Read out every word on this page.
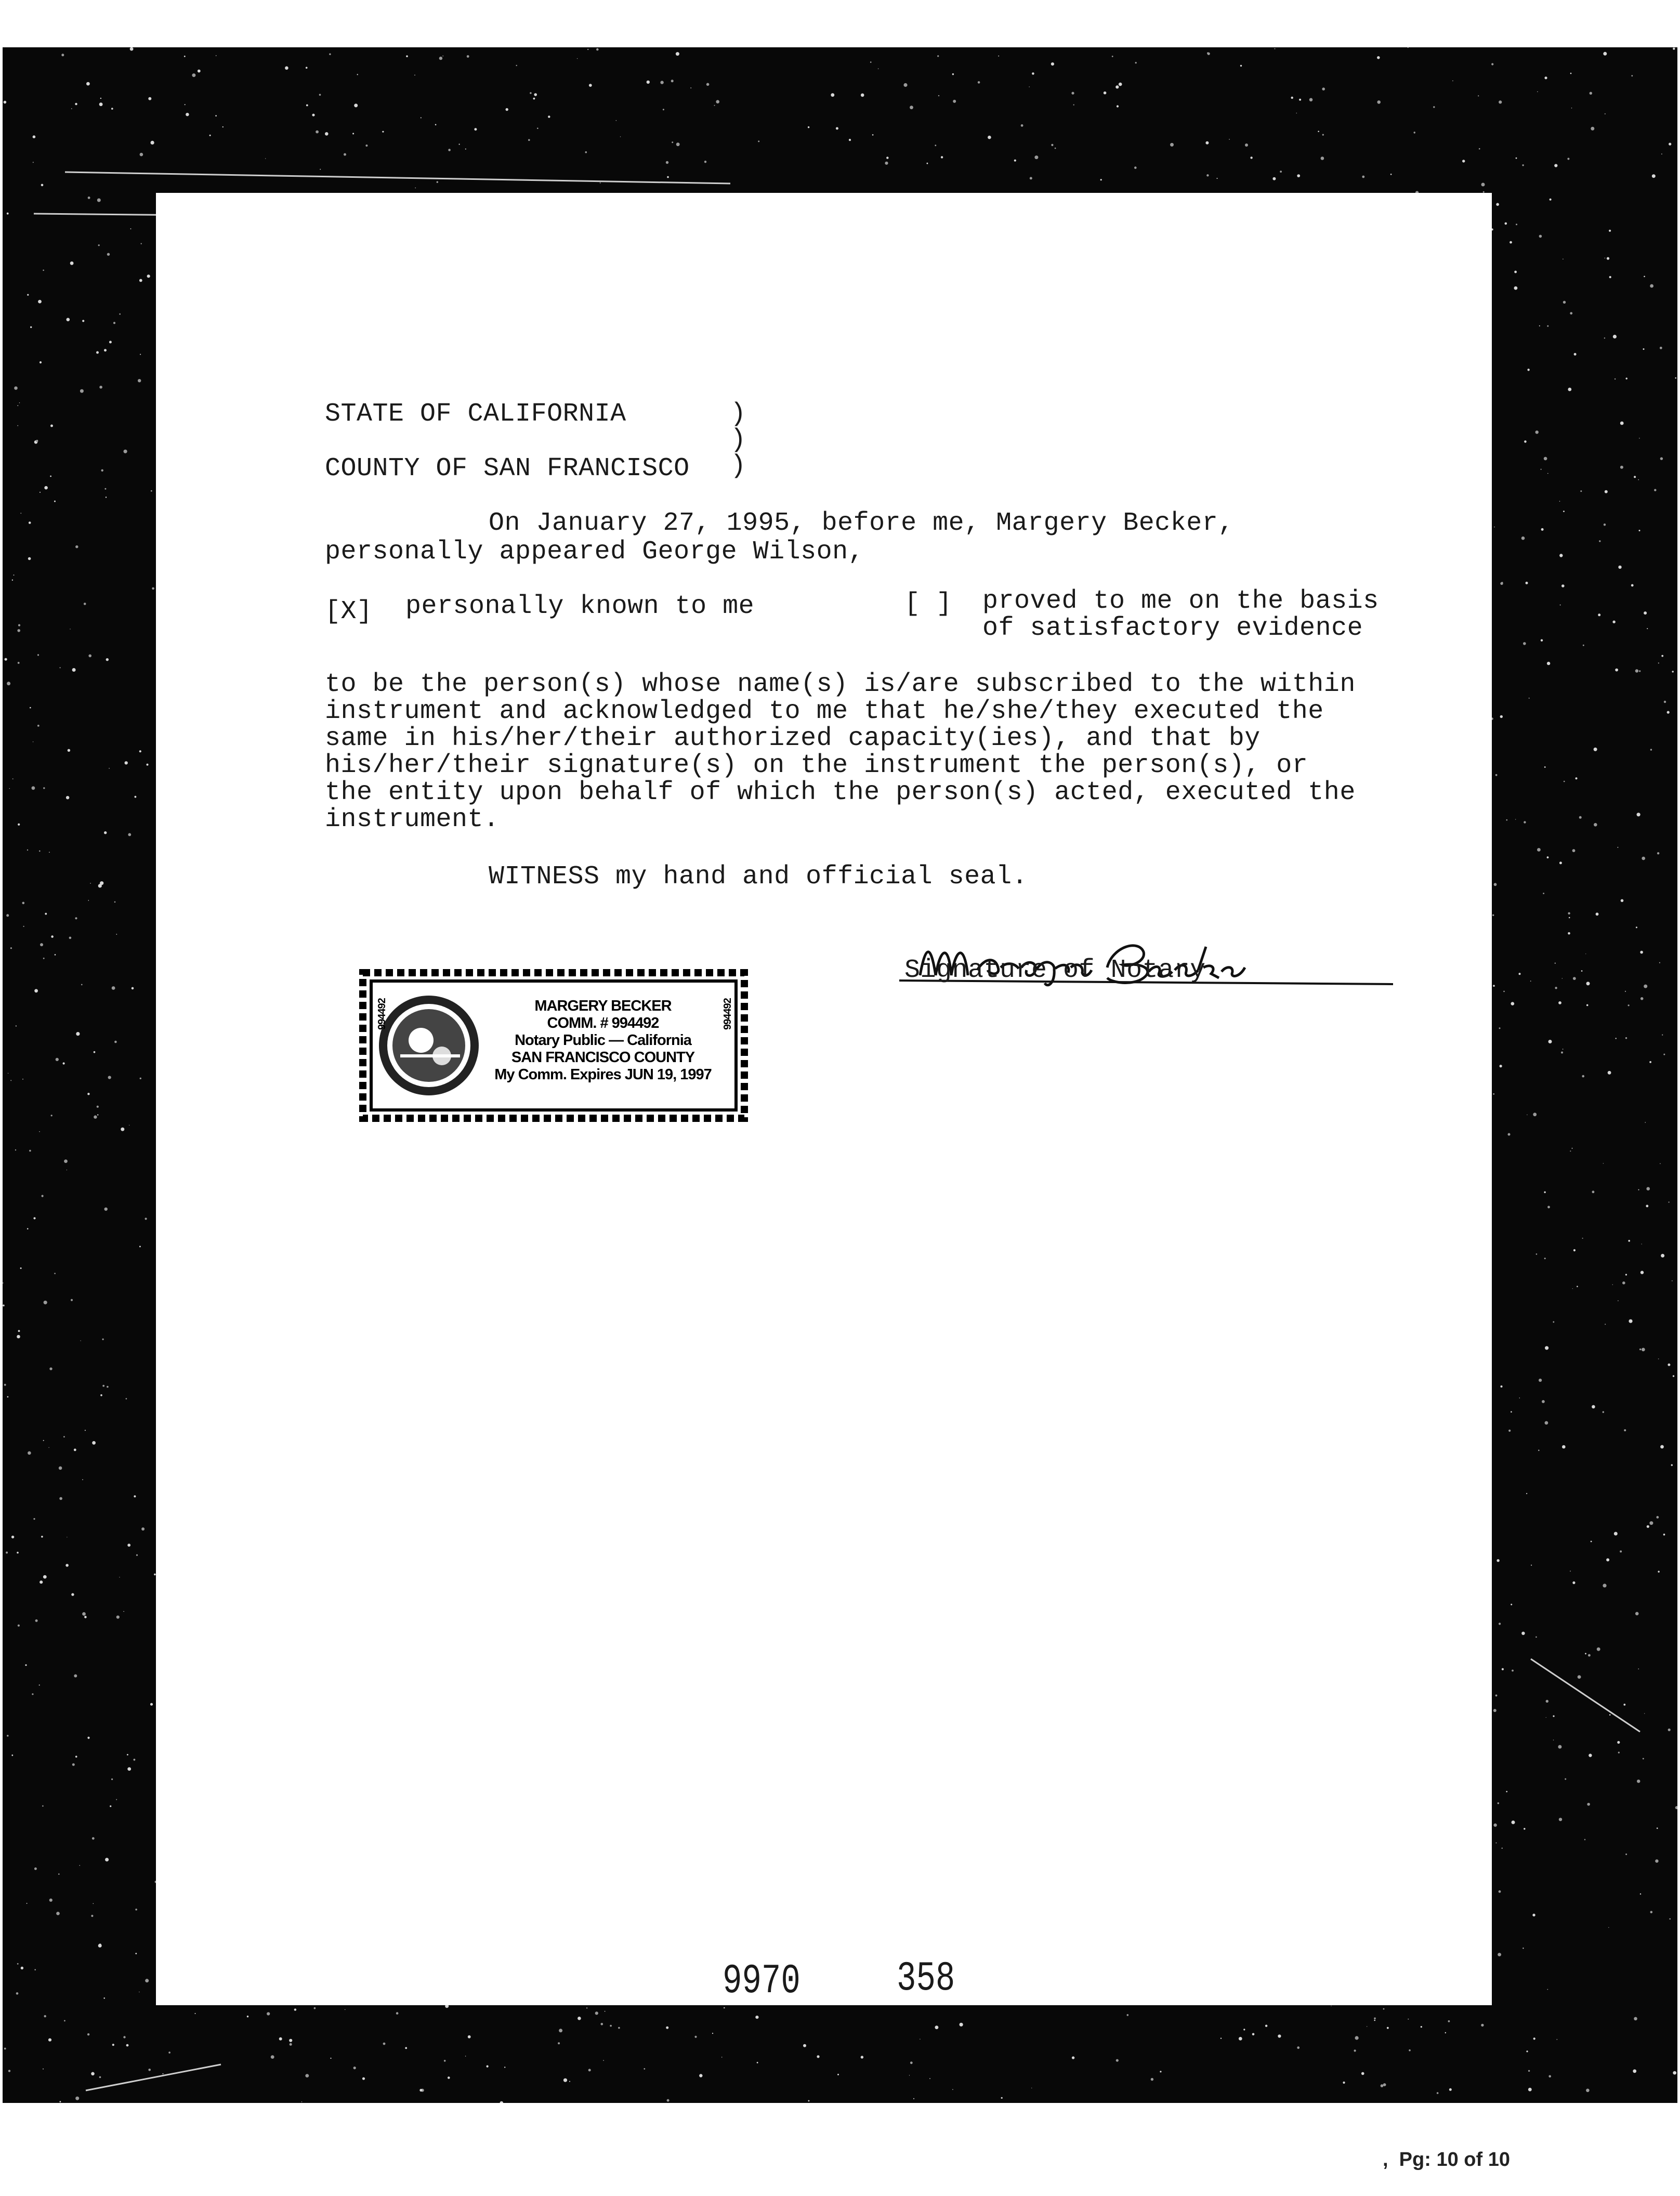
STATE OF CALIFORNIA	)
)
COUNTY OF SAN FRANCISCO )
On January 27, 1995, before me, Margery Becker,
personally appeared George Wilson,
[X] personally known to me	[ ] proved to me on the basis
of satisfactory evidence
to be the person(s) whose name(s) is/are subscribed to the within
instrument and acknowledged to me that he/she/they executed the
same in his/her/their authorized capacity(ies), and that by
his/her/their signature(s) on the instrument the person(s), or
the entity upon behalf of which the person(s) acted, executed the
instrument.
WITNESS my hand and official seal.
Signature of Notary
MARGERY BECKER
COMM. # 994492
Notary Public — California
SAN FRANCISCO COUNTY
My Comm. Expires JUN 19, 1997
9970 358
,  Pg: 10 of 10
